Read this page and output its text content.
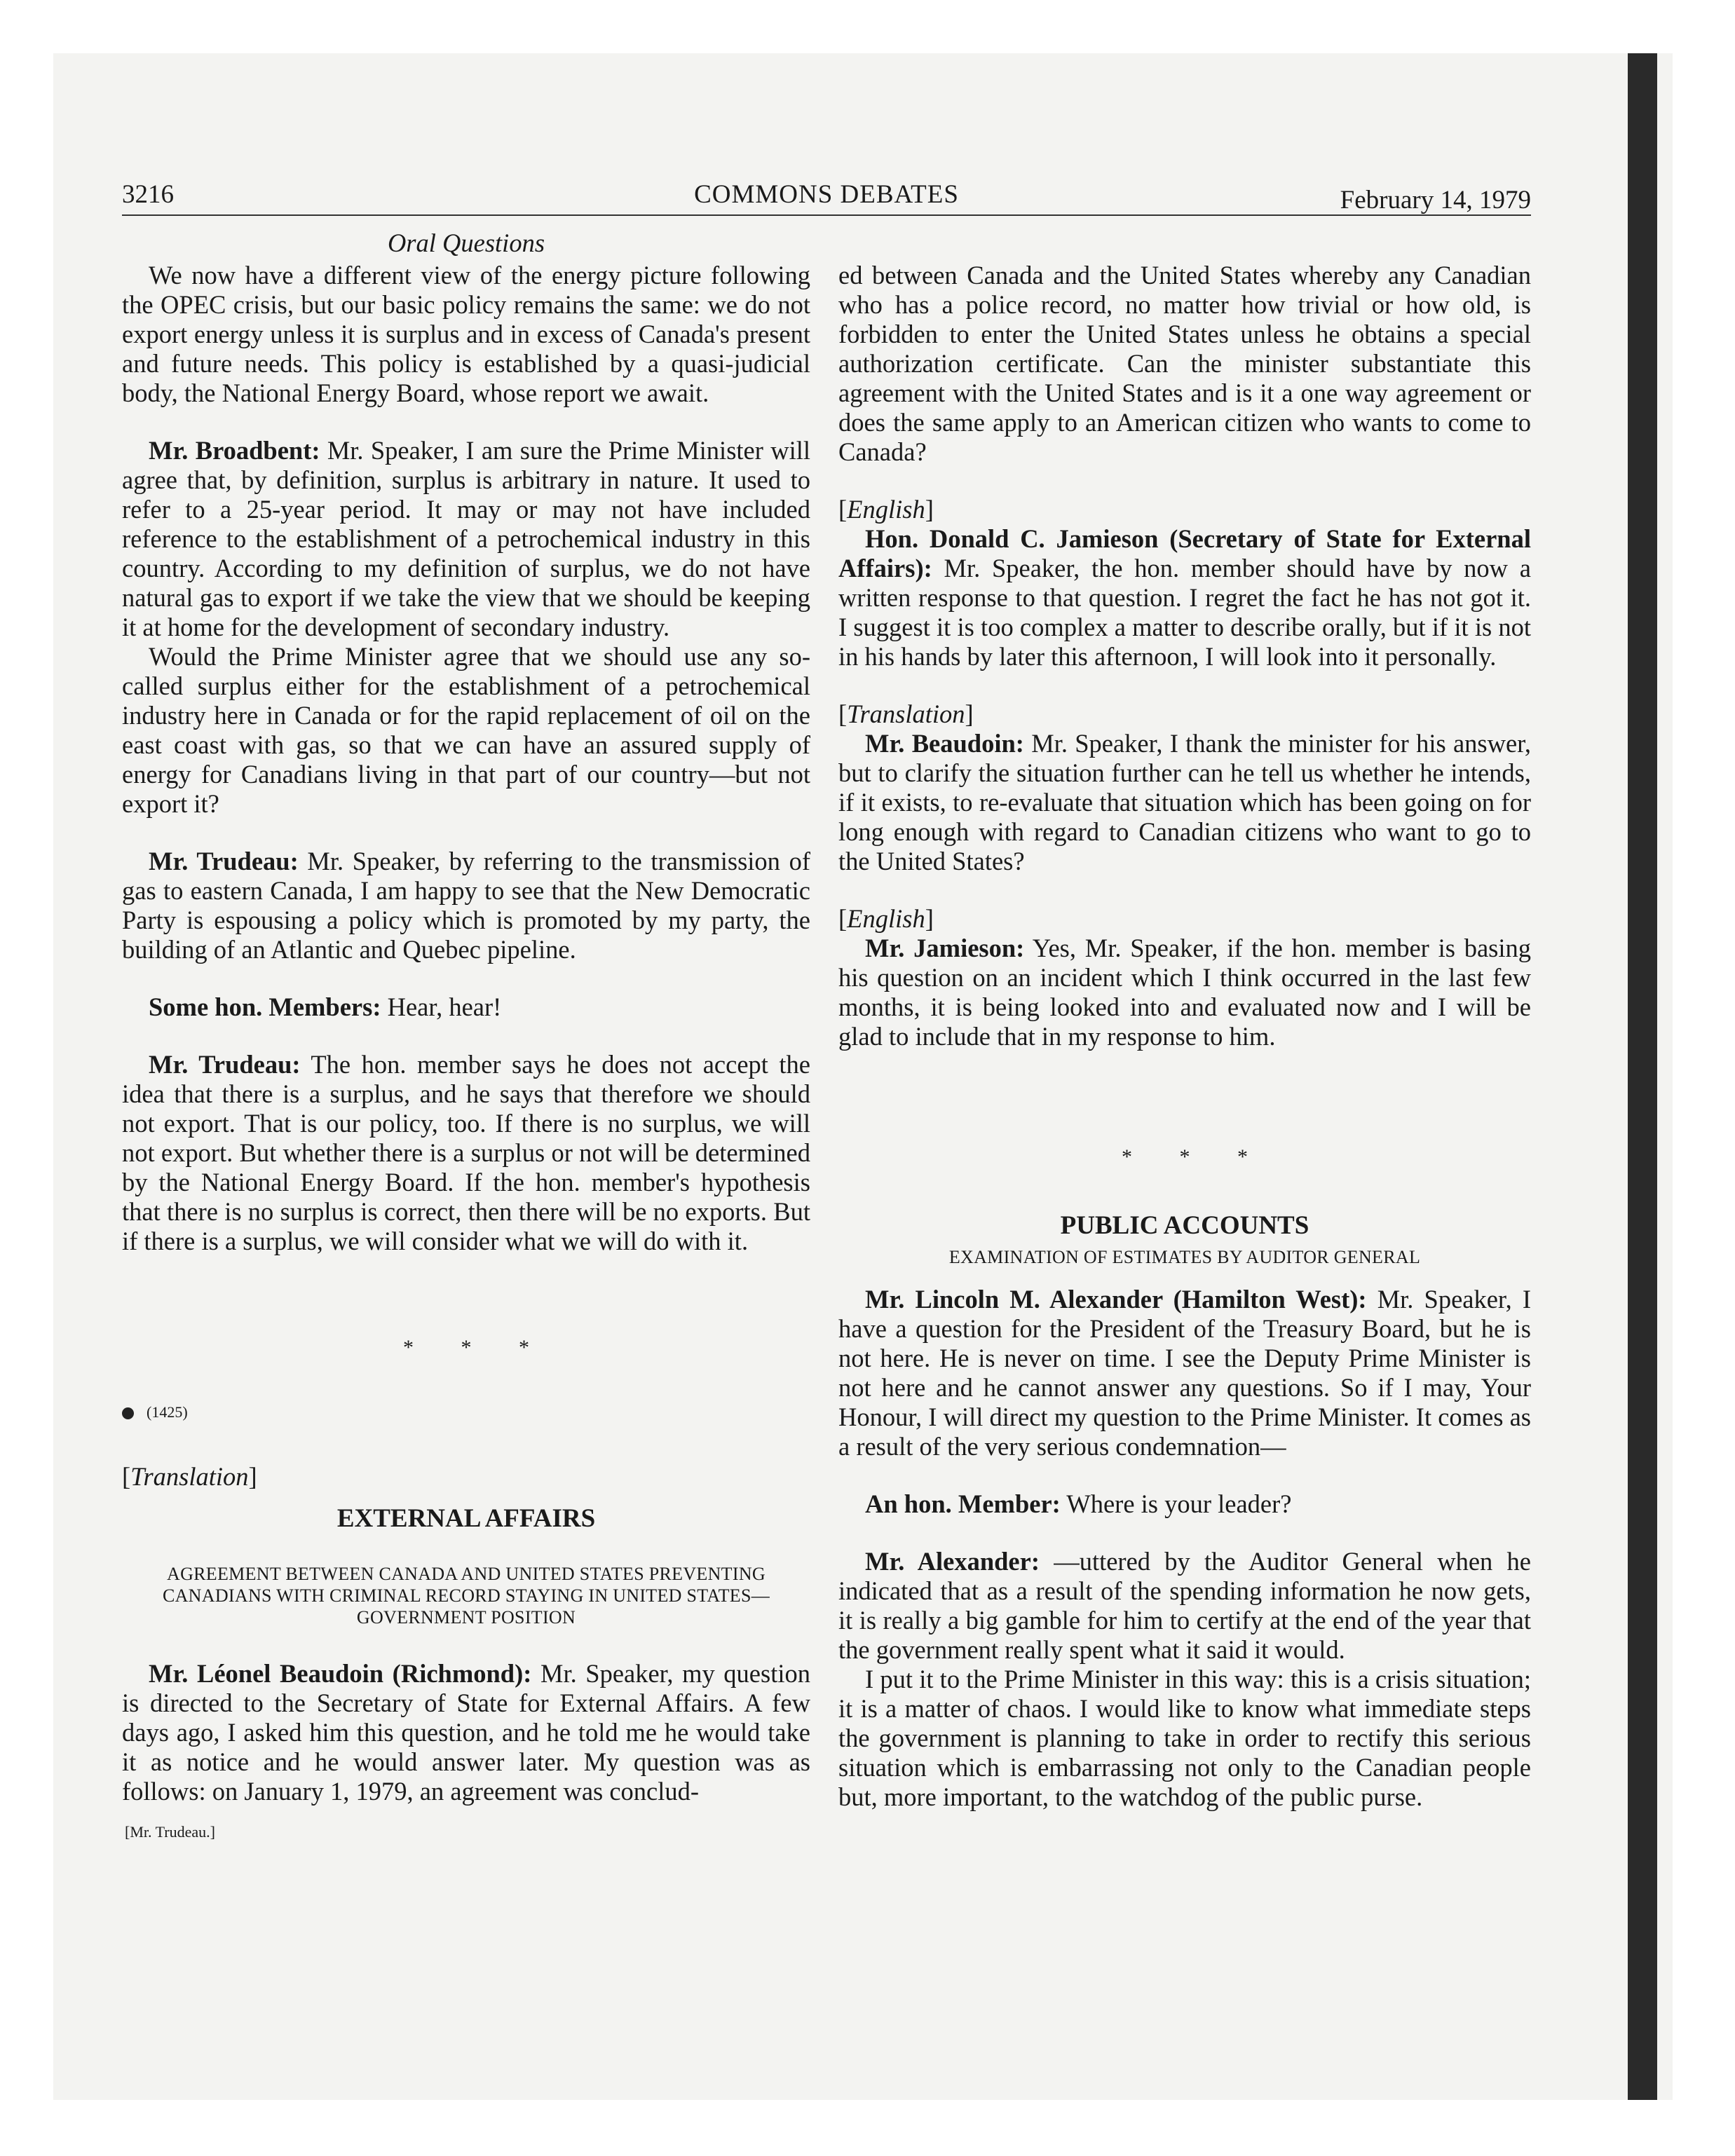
3216	COMMONS DEBATES	February 14, 1979
Oral Questions

We now have a different view of the energy picture following the OPEC crisis, but our basic policy remains the same: we do not export energy unless it is surplus and in excess of Canada's present and future needs. This policy is established by a quasi-judicial body, the National Energy Board, whose report we await.

Mr. Broadbent: Mr. Speaker, I am sure the Prime Minister will agree that, by definition, surplus is arbitrary in nature. It used to refer to a 25-year period. It may or may not have included reference to the establishment of a petrochemical industry in this country. According to my definition of surplus, we do not have natural gas to export if we take the view that we should be keeping it at home for the development of secondary industry.

Would the Prime Minister agree that we should use any so-called surplus either for the establishment of a petrochemical industry here in Canada or for the rapid replacement of oil on the east coast with gas, so that we can have an assured supply of energy for Canadians living in that part of our country—but not export it?

Mr. Trudeau: Mr. Speaker, by referring to the transmission of gas to eastern Canada, I am happy to see that the New Democratic Party is espousing a policy which is promoted by my party, the building of an Atlantic and Quebec pipeline.

Some hon. Members: Hear, hear!

Mr. Trudeau: The hon. member says he does not accept the idea that there is a surplus, and he says that therefore we should not export. That is our policy, too. If there is no surplus, we will not export. But whether there is a surplus or not will be determined by the National Energy Board. If the hon. member's hypothesis that there is no surplus is correct, then there will be no exports. But if there is a surplus, we will consider what we will do with it.

* * *

(1425)

[ Translation ]

EXTERNAL AFFAIRS
AGREEMENT BETWEEN CANADA AND UNITED STATES PREVENTING CANADIANS WITH CRIMINAL RECORD STAYING IN UNITED STATES—GOVERNMENT POSITION

Mr. Léonel Beaudoin (Richmond): Mr. Speaker, my question is directed to the Secretary of State for External Affairs. A few days ago, I asked him this question, and he told me he would take it as notice and he would answer later. My question was as follows: on January 1, 1979, an agreement was conclud-

[Mr. Trudeau.]

ed between Canada and the United States whereby any Canadian who has a police record, no matter how trivial or how old, is forbidden to enter the United States unless he obtains a special authorization certificate. Can the minister substantiate this agreement with the United States and is it a one way agreement or does the same apply to an American citizen who wants to come to Canada?

[ English ]

Hon. Donald C. Jamieson (Secretary of State for External Affairs): Mr. Speaker, the hon. member should have by now a written response to that question. I regret the fact he has not got it. I suggest it is too complex a matter to describe orally, but if it is not in his hands by later this afternoon, I will look into it personally.

[ Translation ]

Mr. Beaudoin: Mr. Speaker, I thank the minister for his answer, but to clarify the situation further can he tell us whether he intends, if it exists, to re-evaluate that situation which has been going on for long enough with regard to Canadian citizens who want to go to the United States?

[ English ]

Mr. Jamieson: Yes, Mr. Speaker, if the hon. member is basing his question on an incident which I think occurred in the last few months, it is being looked into and evaluated now and I will be glad to include that in my response to him.

* * *
PUBLIC ACCOUNTS
EXAMINATION OF ESTIMATES BY AUDITOR GENERAL

Mr. Lincoln M. Alexander (Hamilton West): Mr. Speaker, I have a question for the President of the Treasury Board, but he is not here. He is never on time. I see the Deputy Prime Minister is not here and he cannot answer any questions. So if I may, Your Honour, I will direct my question to the Prime Minister. It comes as a result of the very serious condemnation—

An hon. Member: Where is your leader?

Mr. Alexander: —uttered by the Auditor General when he indicated that as a result of the spending information he now gets, it is really a big gamble for him to certify at the end of the year that the government really spent what it said it would.

I put it to the Prime Minister in this way: this is a crisis situation; it is a matter of chaos. I would like to know what immediate steps the government is planning to take in order to rectify this serious situation which is embarrassing not only to the Canadian people but, more important, to the watchdog of the public purse.
